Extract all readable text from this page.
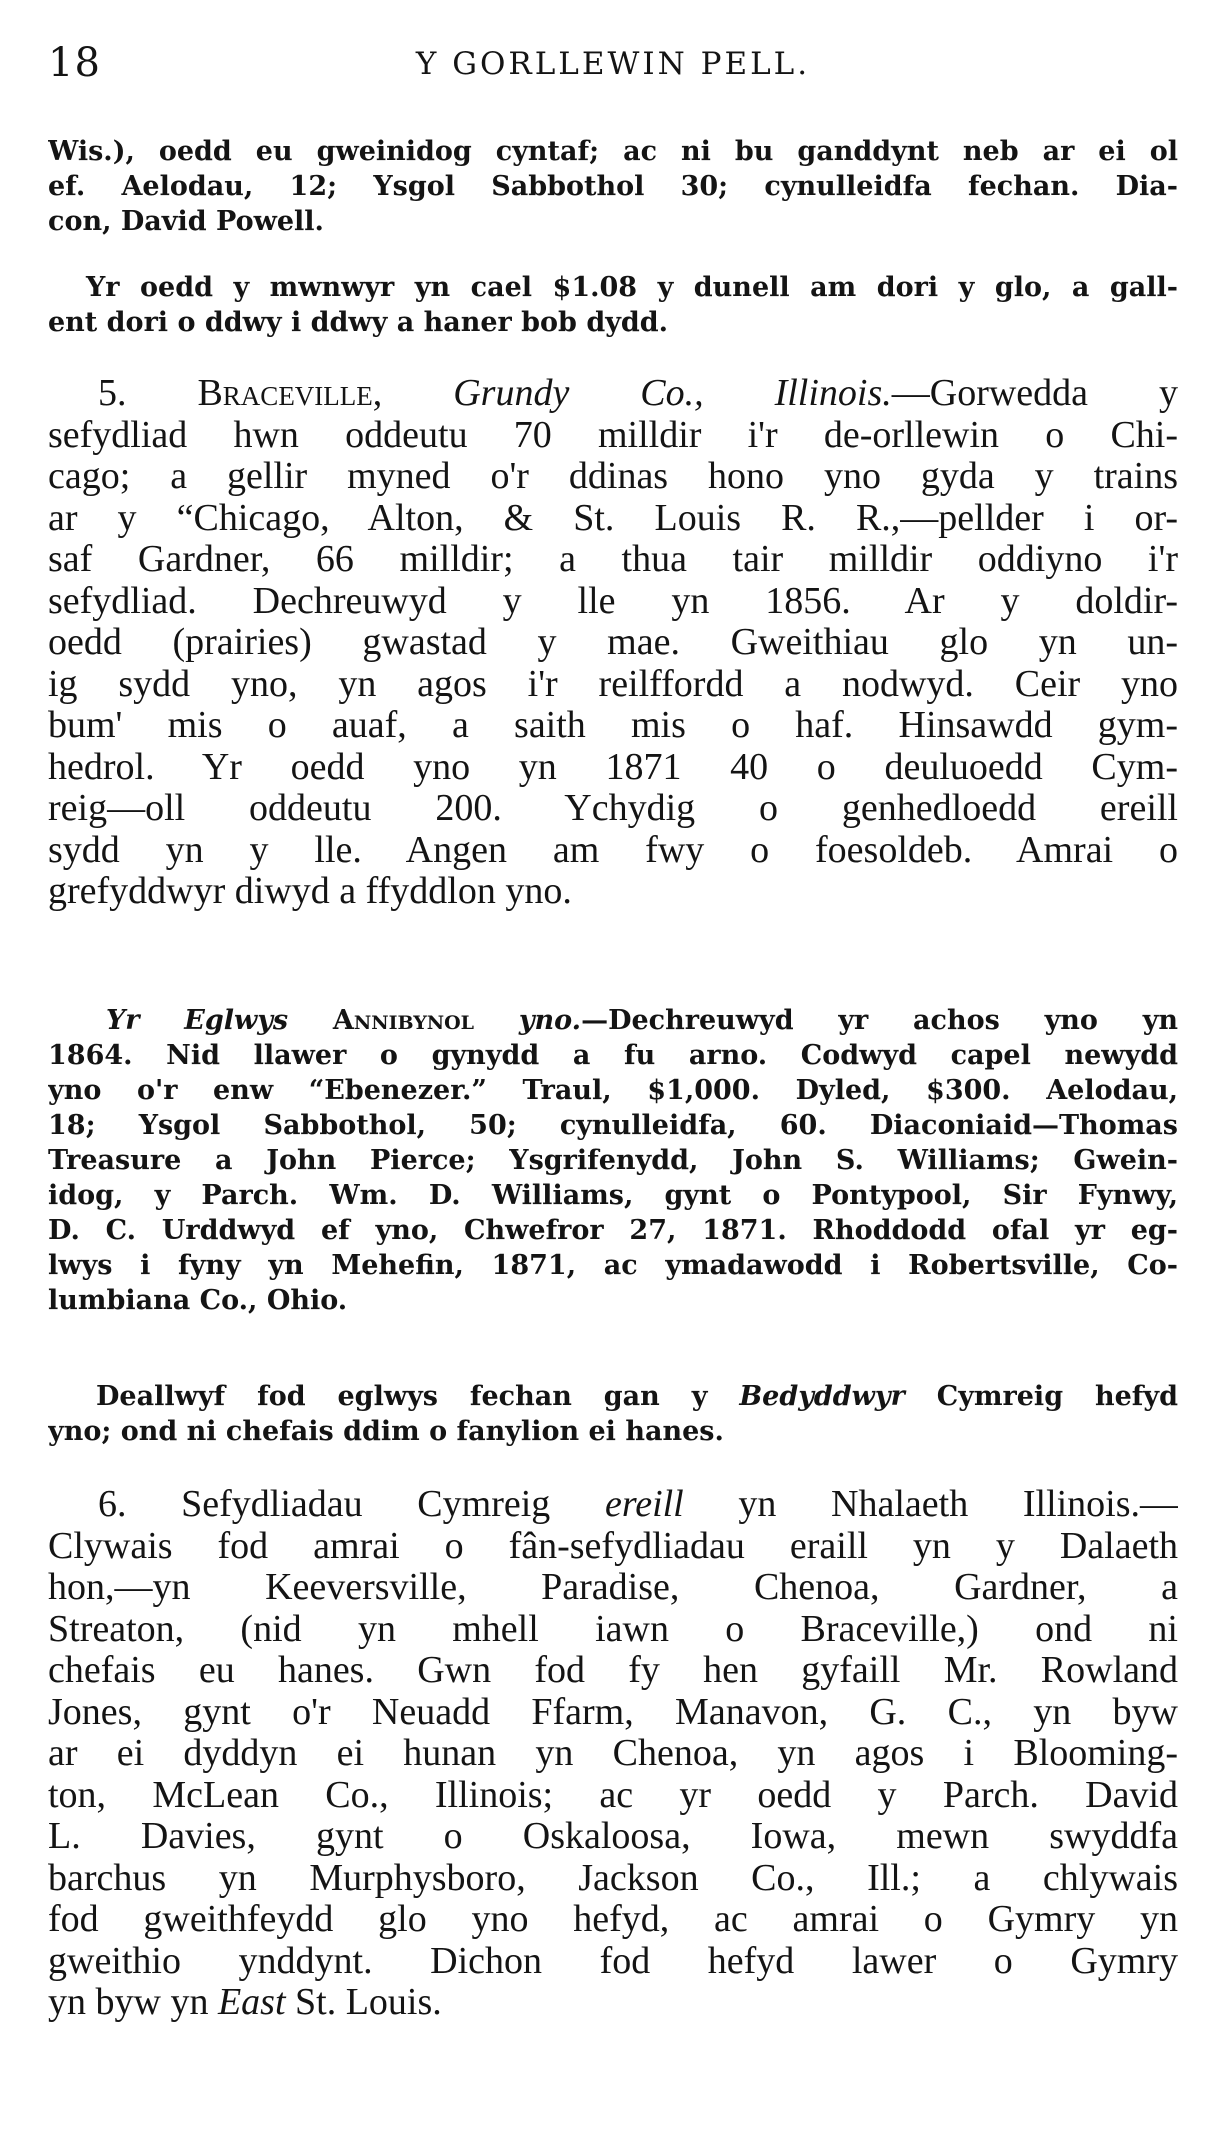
18	Y GORLLEWIN PELL.
Wis.), oedd eu gweinidog cyntaf; ac ni bu ganddynt neb ar ei ol
ef. Aelodau, 12; Ysgol Sabbothol 30; cynulleidfa fechan. Dia-
con, David Powell.
Yr oedd y mwnwyr yn cael $1.08 y dunell am dori y glo, a gall-
ent dori o ddwy i ddwy a haner bob dydd.
5. Braceville, Grundy Co., Illinois.—Gorwedda y
sefydliad hwn oddeutu 70 milldir i'r de-orllewin o Chi-
cago; a gellir myned o'r ddinas hono yno gyda y trains
ar y “Chicago, Alton, & St. Louis R. R.,—pellder i or-
saf Gardner, 66 milldir; a thua tair milldir oddiyno i'r
sefydliad. Dechreuwyd y lle yn 1856. Ar y doldir-
oedd (prairies) gwastad y mae. Gweithiau glo yn un-
ig sydd yno, yn agos i'r reilffordd a nodwyd. Ceir yno
bum' mis o auaf, a saith mis o haf. Hinsawdd gym-
hedrol. Yr oedd yno yn 1871 40 o deuluoedd Cym-
reig—oll oddeutu 200. Ychydig o genhedloedd ereill
sydd yn y lle. Angen am fwy o foesoldeb. Amrai o
grefyddwyr diwyd a ffyddlon yno.
Yr Eglwys Annibynol yno.—Dechreuwyd yr achos yno yn
1864. Nid llawer o gynydd a fu arno. Codwyd capel newydd
yno o'r enw “Ebenezer.” Traul, $1,000. Dyled, $300. Aelodau,
18; Ysgol Sabbothol, 50; cynulleidfa, 60. Diaconiaid—Thomas
Treasure a John Pierce; Ysgrifenydd, John S. Williams; Gwein-
idog, y Parch. Wm. D. Williams, gynt o Pontypool, Sir Fynwy,
D. C. Urddwyd ef yno, Chwefror 27, 1871. Rhoddodd ofal yr eg-
lwys i fyny yn Mehefin, 1871, ac ymadawodd i Robertsville, Co-
lumbiana Co., Ohio.
Deallwyf fod eglwys fechan gan y Bedyddwyr Cymreig hefyd
yno; ond ni chefais ddim o fanylion ei hanes.
6. Sefydliadau Cymreig ereill yn Nhalaeth Illinois.—
Clywais fod amrai o fân-sefydliadau eraill yn y Dalaeth
hon,—yn Keeversville, Paradise, Chenoa, Gardner, a
Streaton, (nid yn mhell iawn o Braceville,) ond ni
chefais eu hanes. Gwn fod fy hen gyfaill Mr. Rowland
Jones, gynt o'r Neuadd Ffarm, Manavon, G. C., yn byw
ar ei dyddyn ei hunan yn Chenoa, yn agos i Blooming-
ton, McLean Co., Illinois; ac yr oedd y Parch. David
L. Davies, gynt o Oskaloosa, Iowa, mewn swyddfa
barchus yn Murphysboro, Jackson Co., Ill.; a chlywais
fod gweithfeydd glo yno hefyd, ac amrai o Gymry yn
gweithio ynddynt. Dichon fod hefyd lawer o Gymry
yn byw yn East St. Louis.
